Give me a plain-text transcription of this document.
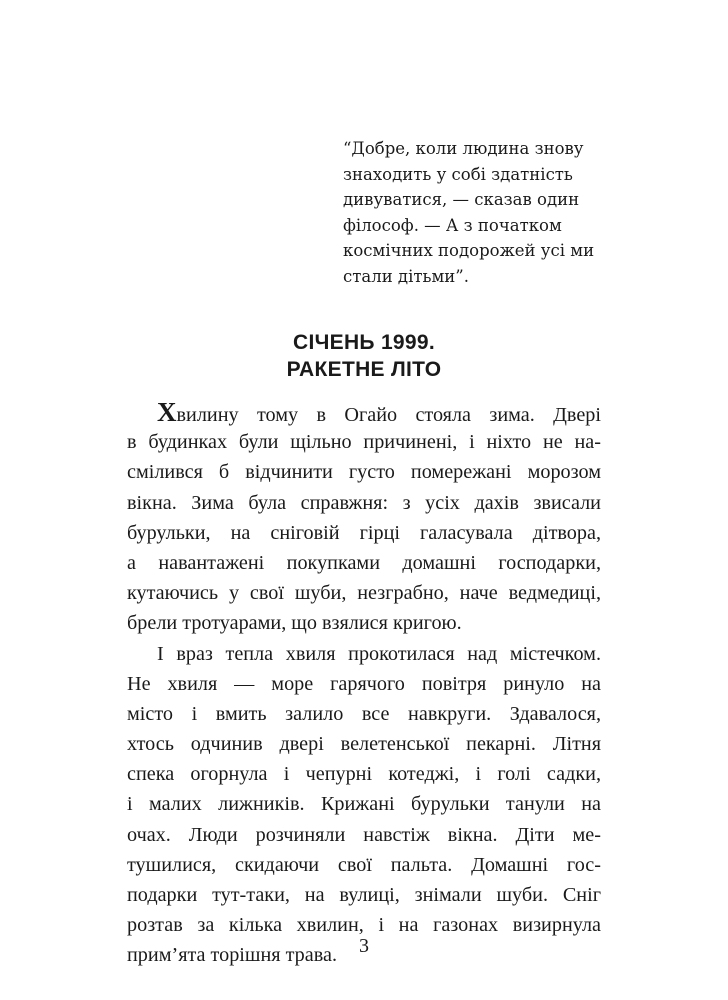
“Добре, коли людина знову
знаходить у собі здатність
дивуватися, — сказав один
філософ. — А з початком
космічних подорожей усі ми
стали дітьми”.
СІЧЕНЬ 1999.
РАКЕТНЕ ЛІТО
Хвилину тому в Огайо стояла зима. Двері
в будинках були щільно причинені, і ніхто не на-
смілився б відчинити густо помережані морозом
вікна. Зима була справжня: з усіх дахів звисали
бурульки, на сніговій гірці галасувала дітвора,
а навантажені покупками домашні господарки,
кутаючись у свої шуби, незграбно, наче ведмедиці,
брели тротуарами, що взялися кригою.
І враз тепла хвиля прокотилася над містечком.
Не хвиля — море гарячого повітря ринуло на
місто і вмить залило все навкруги. Здавалося,
хтось одчинив двері велетенської пекарні. Літня
спека огорнула і чепурні котеджі, і голі садки,
і малих лижників. Крижані бурульки танули на
очах. Люди розчиняли навстіж вікна. Діти ме-
тушилися, скидаючи свої пальта. Домашні гос-
подарки тут-таки, на вулиці, знімали шуби. Сніг
розтав за кілька хвилин, і на газонах визирнула
прим’ята торішня трава.	3
